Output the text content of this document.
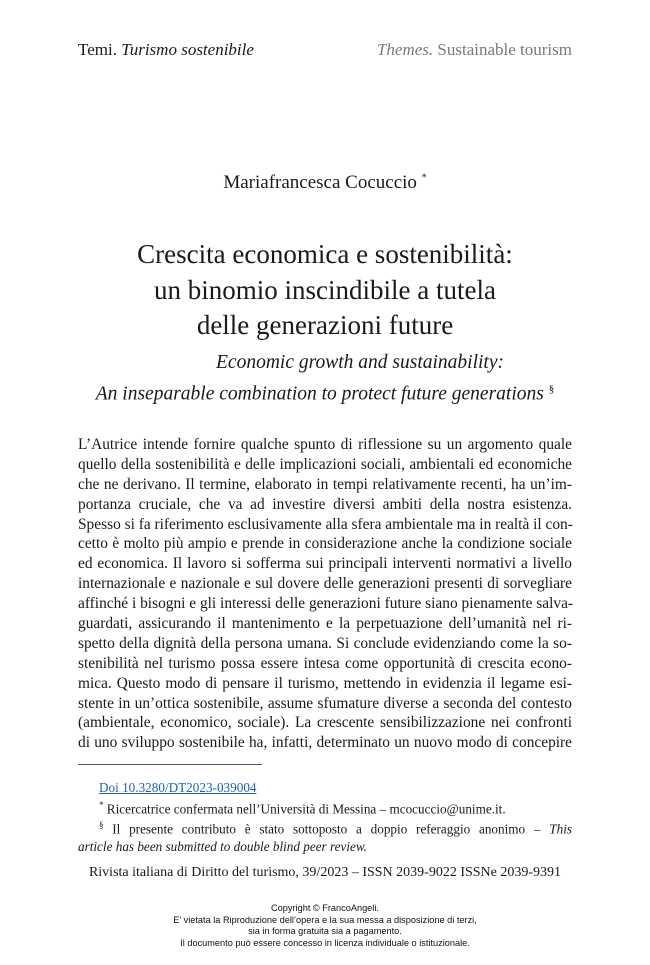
Temi. Turismo sostenibile	Themes. Sustainable tourism
Mariafrancesca Cocuccio *
Crescita economica e sostenibilità:
un binomio inscindibile a tutela
delle generazioni future
Economic growth and sustainability:
An inseparable combination to protect future generations §
L’Autrice intende fornire qualche spunto di riflessione su un argomento quale
quello della sostenibilità e delle implicazioni sociali, ambientali ed economiche
che ne derivano. Il termine, elaborato in tempi relativamente recenti, ha un’im-
portanza cruciale, che va ad investire diversi ambiti della nostra esistenza.
Spesso si fa riferimento esclusivamente alla sfera ambientale ma in realtà il con-
cetto è molto più ampio e prende in considerazione anche la condizione sociale
ed economica. Il lavoro si sofferma sui principali interventi normativi a livello
internazionale e nazionale e sul dovere delle generazioni presenti di sorvegliare
affinché i bisogni e gli interessi delle generazioni future siano pienamente salva-
guardati, assicurando il mantenimento e la perpetuazione dell’umanità nel ri-
spetto della dignità della persona umana. Si conclude evidenziando come la so-
stenibilità nel turismo possa essere intesa come opportunità di crescita econo-
mica. Questo modo di pensare il turismo, mettendo in evidenzia il legame esi-
stente in un’ottica sostenibile, assume sfumature diverse a seconda del contesto
(ambientale, economico, sociale). La crescente sensibilizzazione nei confronti
di uno sviluppo sostenibile ha, infatti, determinato un nuovo modo di concepire
Doi 10.3280/DT2023-039004
* Ricercatrice confermata nell’Università di Messina – mcocuccio@unime.it.
§ Il presente contributo è stato sottoposto a doppio referaggio anonimo – This
article has been submitted to double blind peer review.
Rivista italiana di Diritto del turismo, 39/2023 – ISSN 2039-9022 ISSNe 2039-9391
Copyright © FrancoAngeli.
E’ vietata la Riproduzione dell’opera e la sua messa a disposizione di terzi,
sia in forma gratuita sia a pagamento.
Il documento può essere concesso in licenza individuale o istituzionale.
